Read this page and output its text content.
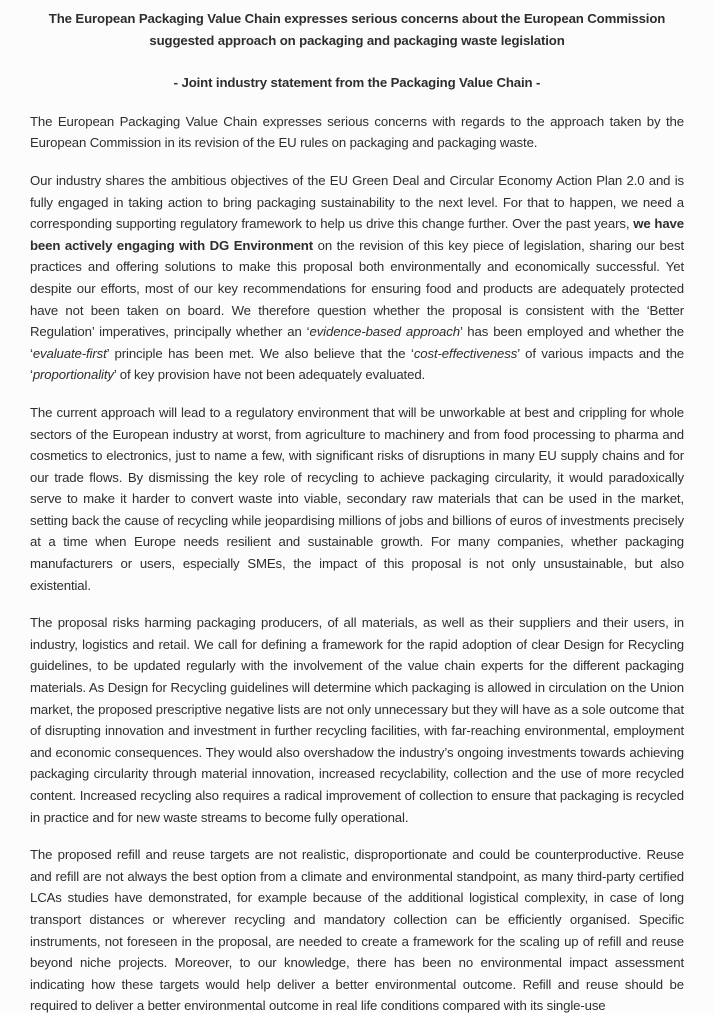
The European Packaging Value Chain expresses serious concerns about the European Commission
suggested approach on packaging and packaging waste legislation
- Joint industry statement from the Packaging Value Chain -

The European Packaging Value Chain expresses serious concerns with regards to the approach taken by the European Commission in its revision of the EU rules on packaging and packaging waste.

Our industry shares the ambitious objectives of the EU Green Deal and Circular Economy Action Plan 2.0 and is fully engaged in taking action to bring packaging sustainability to the next level. For that to happen, we need a corresponding supporting regulatory framework to help us drive this change further. Over the past years, we have been actively engaging with DG Environment on the revision of this key piece of legislation, sharing our best practices and offering solutions to make this proposal both environmentally and economically successful. Yet despite our efforts, most of our key recommendations for ensuring food and products are adequately protected have not been taken on board. We therefore question whether the proposal is consistent with the ‘Better Regulation’ imperatives, principally whether an ‘evidence-based approach’ has been employed and whether the ‘evaluate-first’ principle has been met. We also believe that the ‘cost-effectiveness’ of various impacts and the ‘proportionality’ of key provision have not been adequately evaluated.

The current approach will lead to a regulatory environment that will be unworkable at best and crippling for whole sectors of the European industry at worst, from agriculture to machinery and from food processing to pharma and cosmetics to electronics, just to name a few, with significant risks of disruptions in many EU supply chains and for our trade flows. By dismissing the key role of recycling to achieve packaging circularity, it would paradoxically serve to make it harder to convert waste into viable, secondary raw materials that can be used in the market, setting back the cause of recycling while jeopardising millions of jobs and billions of euros of investments precisely at a time when Europe needs resilient and sustainable growth. For many companies, whether packaging manufacturers or users, especially SMEs, the impact of this proposal is not only unsustainable, but also existential.

The proposal risks harming packaging producers, of all materials, as well as their suppliers and their users, in industry, logistics and retail. We call for defining a framework for the rapid adoption of clear Design for Recycling guidelines, to be updated regularly with the involvement of the value chain experts for the different packaging materials. As Design for Recycling guidelines will determine which packaging is allowed in circulation on the Union market, the proposed prescriptive negative lists are not only unnecessary but they will have as a sole outcome that of disrupting innovation and investment in further recycling facilities, with far-reaching environmental, employment and economic consequences. They would also overshadow the industry’s ongoing investments towards achieving packaging circularity through material innovation, increased recyclability, collection and the use of more recycled content. Increased recycling also requires a radical improvement of collection to ensure that packaging is recycled in practice and for new waste streams to become fully operational.

The proposed refill and reuse targets are not realistic, disproportionate and could be counterproductive. Reuse and refill are not always the best option from a climate and environmental standpoint, as many third-party certified LCAs studies have demonstrated, for example because of the additional logistical complexity, in case of long transport distances or wherever recycling and mandatory collection can be efficiently organised. Specific instruments, not foreseen in the proposal, are needed to create a framework for the scaling up of refill and reuse beyond niche projects. Moreover, to our knowledge, there has been no environmental impact assessment indicating how these targets would help deliver a better environmental outcome. Refill and reuse should be required to deliver a better environmental outcome in real life conditions compared with its single-use
